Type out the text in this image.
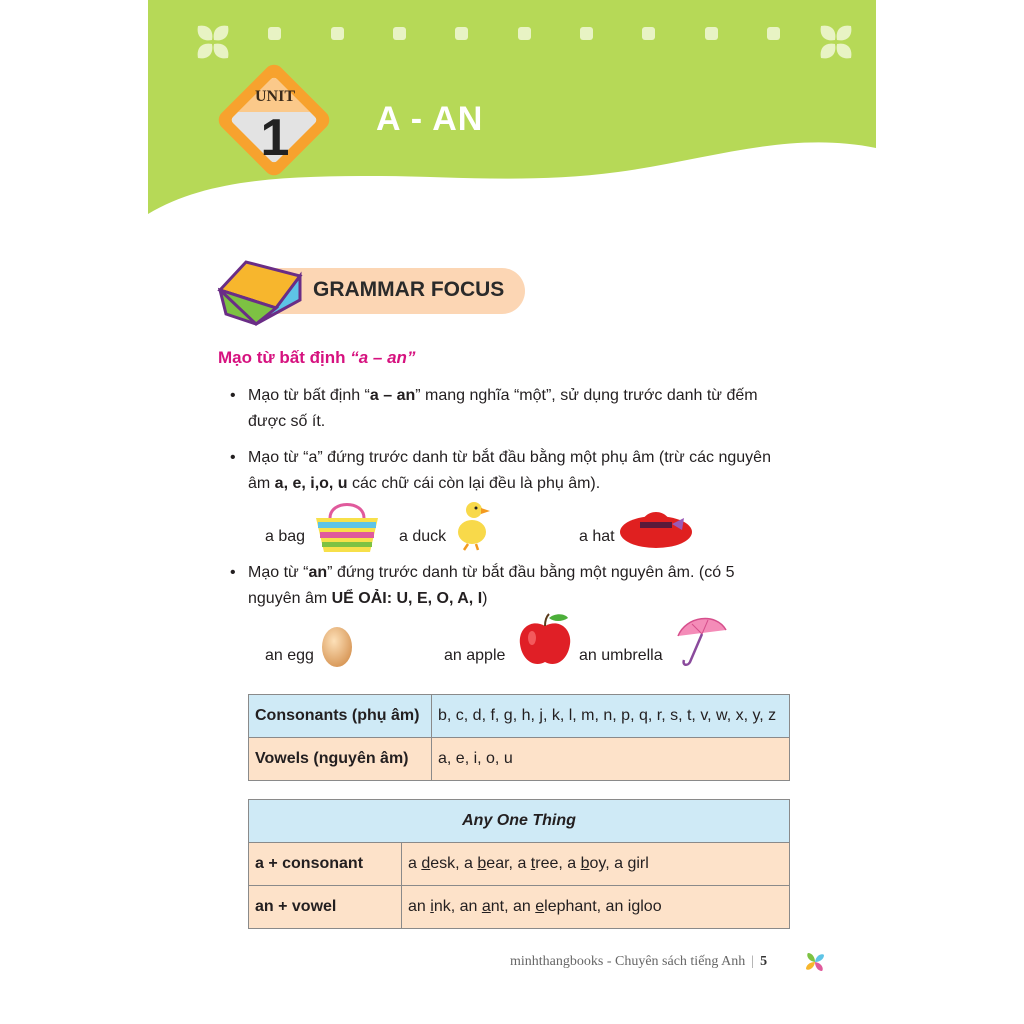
UNIT
1	A - AN
GRAMMAR FOCUS
Mạo từ bất định “a – an”
• Mạo từ bất định “a – an” mang nghĩa “một”, sử dụng trước danh từ đếm được số ít.
• Mạo từ “a” đứng trước danh từ bắt đầu bằng một phụ âm (trừ các nguyên âm a, e, i,o, u các chữ cái còn lại đều là phụ âm).
a bag	a duck	a hat
• Mạo từ “an” đứng trước danh từ bắt đầu bằng một nguyên âm. (có 5 nguyên âm UỂ OẢI: U, E, O, A, I)
an egg	an apple	an umbrella
Consonants (phụ âm)	b, c, d, f, g, h, j, k, l, m, n, p, q, r, s, t, v, w, x, y, z
Vowels (nguyên âm)	a, e, i, o, u
Any One Thing	
a + consonant	a desk, a bear, a tree, a boy, a girl
an + vowel	an ink, an ant, an elephant, an igloo
minhthangbooks - Chuyên sách tiếng Anh | 5
